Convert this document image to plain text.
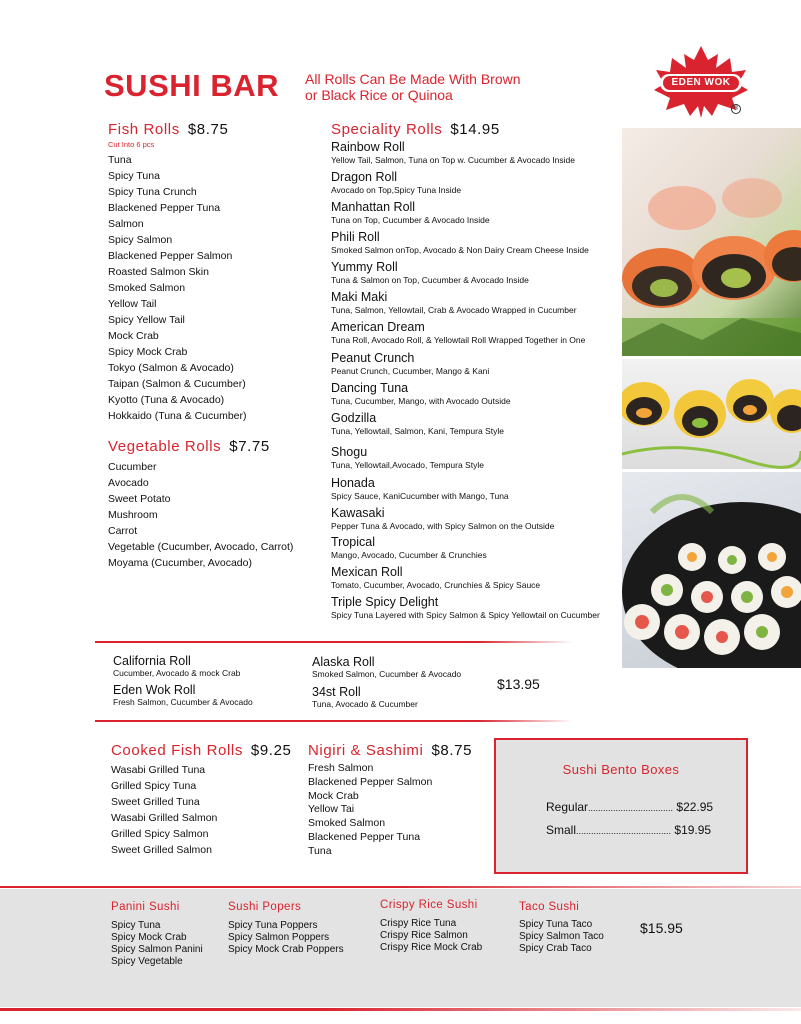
SUSHI BAR All Rolls Can Be Made With Brown
or Black Rice or Quinoa
EDEN WOK
®
Fish Rolls $8.75
Cut Into 6 pcs
Tuna
Spicy Tuna
Spicy Tuna Crunch
Blackened Pepper Tuna
Salmon
Spicy Salmon
Blackened Pepper Salmon
Roasted Salmon Skin
Smoked Salmon
Yellow Tail
Spicy Yellow Tail
Mock Crab
Spicy Mock Crab
Tokyo (Salmon & Avocado)
Taipan (Salmon & Cucumber)
Kyotto (Tuna & Avocado)
Hokkaido (Tuna & Cucumber)
Vegetable Rolls $7.75
Cucumber
Avocado
Sweet Potato
Mushroom
Carrot
Vegetable (Cucumber, Avocado, Carrot)
Moyama (Cucumber, Avocado)
Speciality Rolls $14.95
Rainbow Roll
Yellow Tail, Salmon, Tuna on Top w. Cucumber & Avocado Inside
Dragon Roll
Avocado on Top,Spicy Tuna Inside
Manhattan Roll
Tuna on Top, Cucumber & Avocado Inside
Phili Roll
Smoked Salmon onTop, Avocado & Non Dairy Cream Cheese Inside
Yummy Roll
Tuna & Salmon on Top, Cucumber & Avocado Inside
Maki Maki
Tuna, Salmon, Yellowtail, Crab & Avocado Wrapped in Cucumber
American Dream
Tuna Roll, Avocado Roll, & Yellowtail Roll Wrapped Together in One
Peanut Crunch
Peanut Crunch, Cucumber, Mango & Kani
Dancing Tuna
Tuna, Cucumber, Mango, with Avocado Outside
Godzilla
Tuna, Yellowtail, Salmon, Kani, Tempura Style
Shogu
Tuna, Yellowtail,Avocado, Tempura Style
Honada
Spicy Sauce, KaniCucumber with Mango, Tuna
Kawasaki
Pepper Tuna & Avocado, with Spicy Salmon on the Outside
Tropical
Mango, Avocado, Cucumber & Crunchies
Mexican Roll
Tomato, Cucumber, Avocado, Crunchies & Spicy Sauce
Triple Spicy Delight
Spicy Tuna Layered with Spicy Salmon & Spicy Yellowtail on Cucumber
California Roll
Cucumber, Avocado & mock Crab
Eden Wok Roll
Fresh Salmon, Cucumber & Avocado
Alaska Roll
Smoked Salmon, Cucumber & Avocado
34st Roll
Tuna, Avocado & Cucumber
$13.95
Cooked Fish Rolls $9.25
Wasabi Grilled Tuna
Grilled Spicy Tuna
Sweet Grilled Tuna
Wasabi Grilled Salmon
Grilled Spicy Salmon
Sweet Grilled Salmon
Nigiri & Sashimi $8.75
Fresh Salmon
Blackened Pepper Salmon
Mock Crab
Yellow Tai
Smoked Salmon
Blackened Pepper Tuna
Tuna
Sushi Bento Boxes
Regular.................................. $22.95
Small...................................... $19.95
Panini Sushi
Spicy Tuna
Spicy Mock Crab
Spicy Salmon Panini
Spicy Vegetable
Sushi Popers
Spicy Tuna Poppers
Spicy Salmon Poppers
Spicy Mock Crab Poppers
Crispy Rice Sushi
Crispy Rice Tuna
Crispy Rice Salmon
Crispy Rice Mock Crab
Taco Sushi
Spicy Tuna Taco
Spicy Salmon Taco
Spicy Crab Taco
$15.95
